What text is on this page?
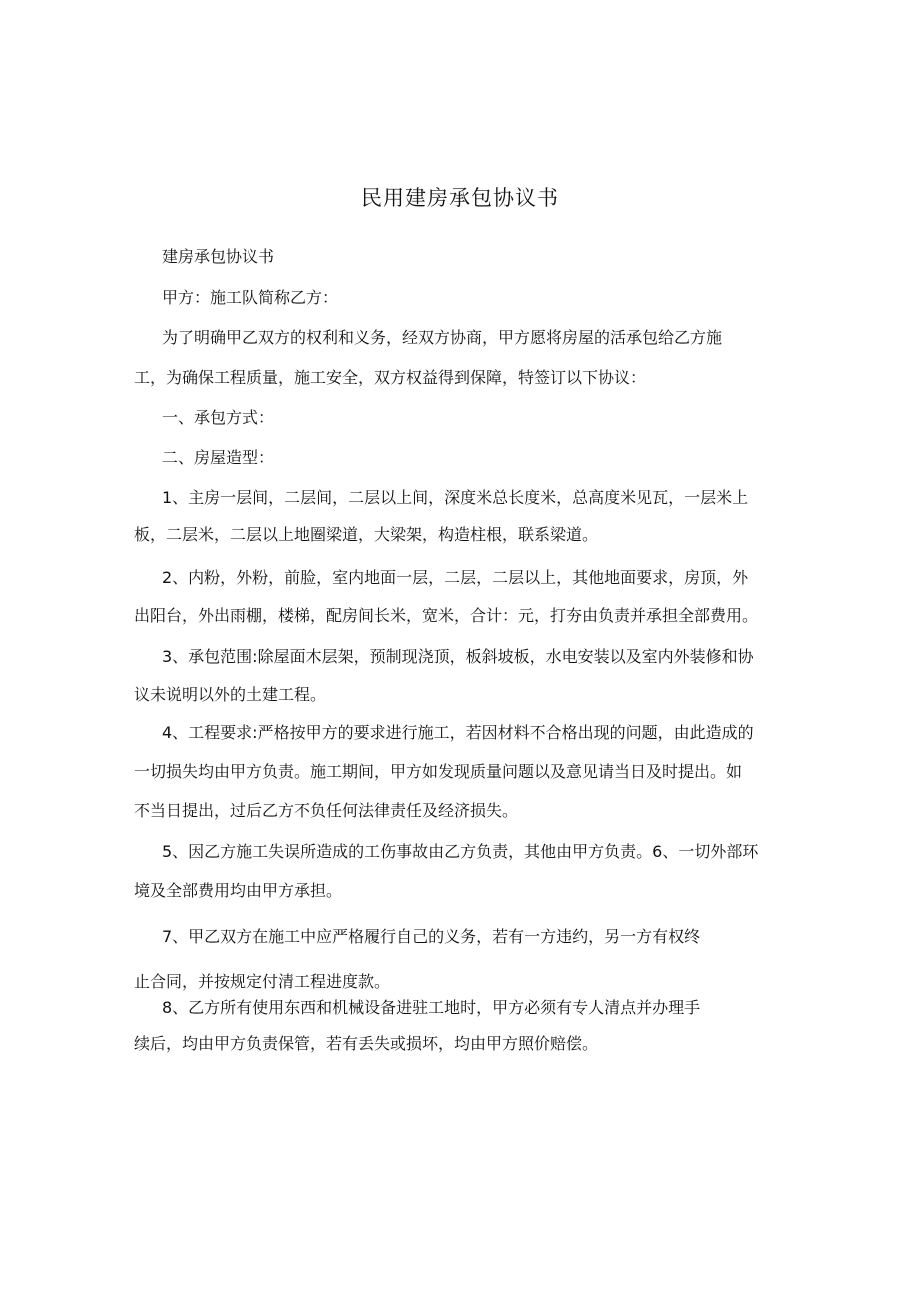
民用建房承包协议书
建房承包协议书
甲方：施工队简称乙方：
为了明确甲乙双方的权利和义务，经双方协商，甲方愿将房屋的活承包给乙方施
工，为确保工程质量，施工安全，双方权益得到保障，特签订以下协议：
一、承包方式：
二、房屋造型：
1、主房一层间，二层间，二层以上间，深度米总长度米，总高度米见瓦，一层米上
板，二层米，二层以上地圈梁道，大梁架，构造柱根，联系梁道。
2、内粉，外粉，前脸，室内地面一层，二层，二层以上，其他地面要求，房顶，外
出阳台，外出雨棚，楼梯，配房间长米，宽米，合计：元，打夯由负责并承担全部费用。
3、承包范围:除屋面木层架，预制现浇顶，板斜坡板，水电安装以及室内外装修和协
议未说明以外的土建工程。
4、工程要求:严格按甲方的要求进行施工，若因材料不合格出现的问题，由此造成的
一切损失均由甲方负责。施工期间，甲方如发现质量问题以及意见请当日及时提出。如
不当日提出，过后乙方不负任何法律责任及经济损失。
5、因乙方施工失误所造成的工伤事故由乙方负责，其他由甲方负责。6、一切外部环
境及全部费用均由甲方承担。
7、甲乙双方在施工中应严格履行自己的义务，若有一方违约，另一方有权终
止合同，并按规定付清工程进度款。
8、乙方所有使用东西和机械设备进驻工地时，甲方必须有专人清点并办理手
续后，均由甲方负责保管，若有丢失或损坏，均由甲方照价赔偿。
